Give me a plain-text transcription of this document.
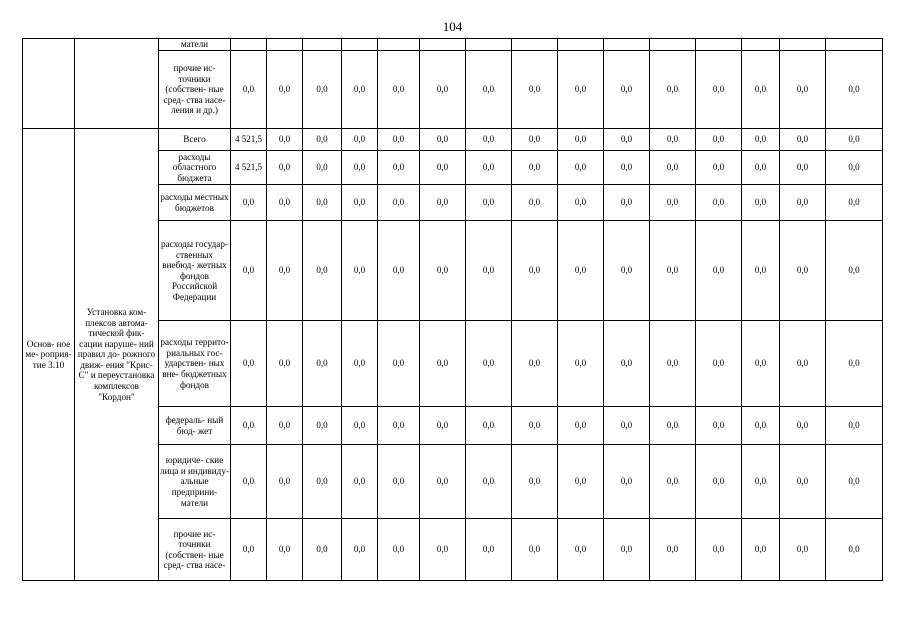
104
		матели																
		прочие ис- точники (собствен- ные сред- ства насе- ления и др.)	0,0	0,0	0,0	0,0	0,0	0,0	0,0	0,0	0,0	0,0	0,0	0,0	0,0	0,0	0,0	
Основ- ное ме- роприя- тие 3.10	Установка ком- плексов автома- тической фик- сации наруше- ний правил до- рожного движ- ения "Крис-С" и переустановка комплексов "Кордон"	Всего	4 521,5	0,0	0,0	0,0	0,0	0,0	0,0	0,0	0,0	0,0	0,0	0,0	0,0	0,0	0,0	
		расходы областного бюджета	4 521,5	0,0	0,0	0,0	0,0	0,0	0,0	0,0	0,0	0,0	0,0	0,0	0,0	0,0	0,0	
		расходы местных бюджетов	0,0	0,0	0,0	0,0	0,0	0,0	0,0	0,0	0,0	0,0	0,0	0,0	0,0	0,0	0,0	
		расходы государ- ственных внебюд- жетных фондов Российской Федерации	0,0	0,0	0,0	0,0	0,0	0,0	0,0	0,0	0,0	0,0	0,0	0,0	0,0	0,0	0,0	
		расходы террито- риальных гос- ударствен- ных вне- бюджетных фондов	0,0	0,0	0,0	0,0	0,0	0,0	0,0	0,0	0,0	0,0	0,0	0,0	0,0	0,0	0,0	
		федераль- ный бюд- жет	0,0	0,0	0,0	0,0	0,0	0,0	0,0	0,0	0,0	0,0	0,0	0,0	0,0	0,0	0,0	
		юридиче- ские лица и индивиду- альные предприни- матели	0,0	0,0	0,0	0,0	0,0	0,0	0,0	0,0	0,0	0,0	0,0	0,0	0,0	0,0	0,0	
		прочие ис- точники (собствен- ные сред- ства насе-	0,0	0,0	0,0	0,0	0,0	0,0	0,0	0,0	0,0	0,0	0,0	0,0	0,0	0,0	0,0	
